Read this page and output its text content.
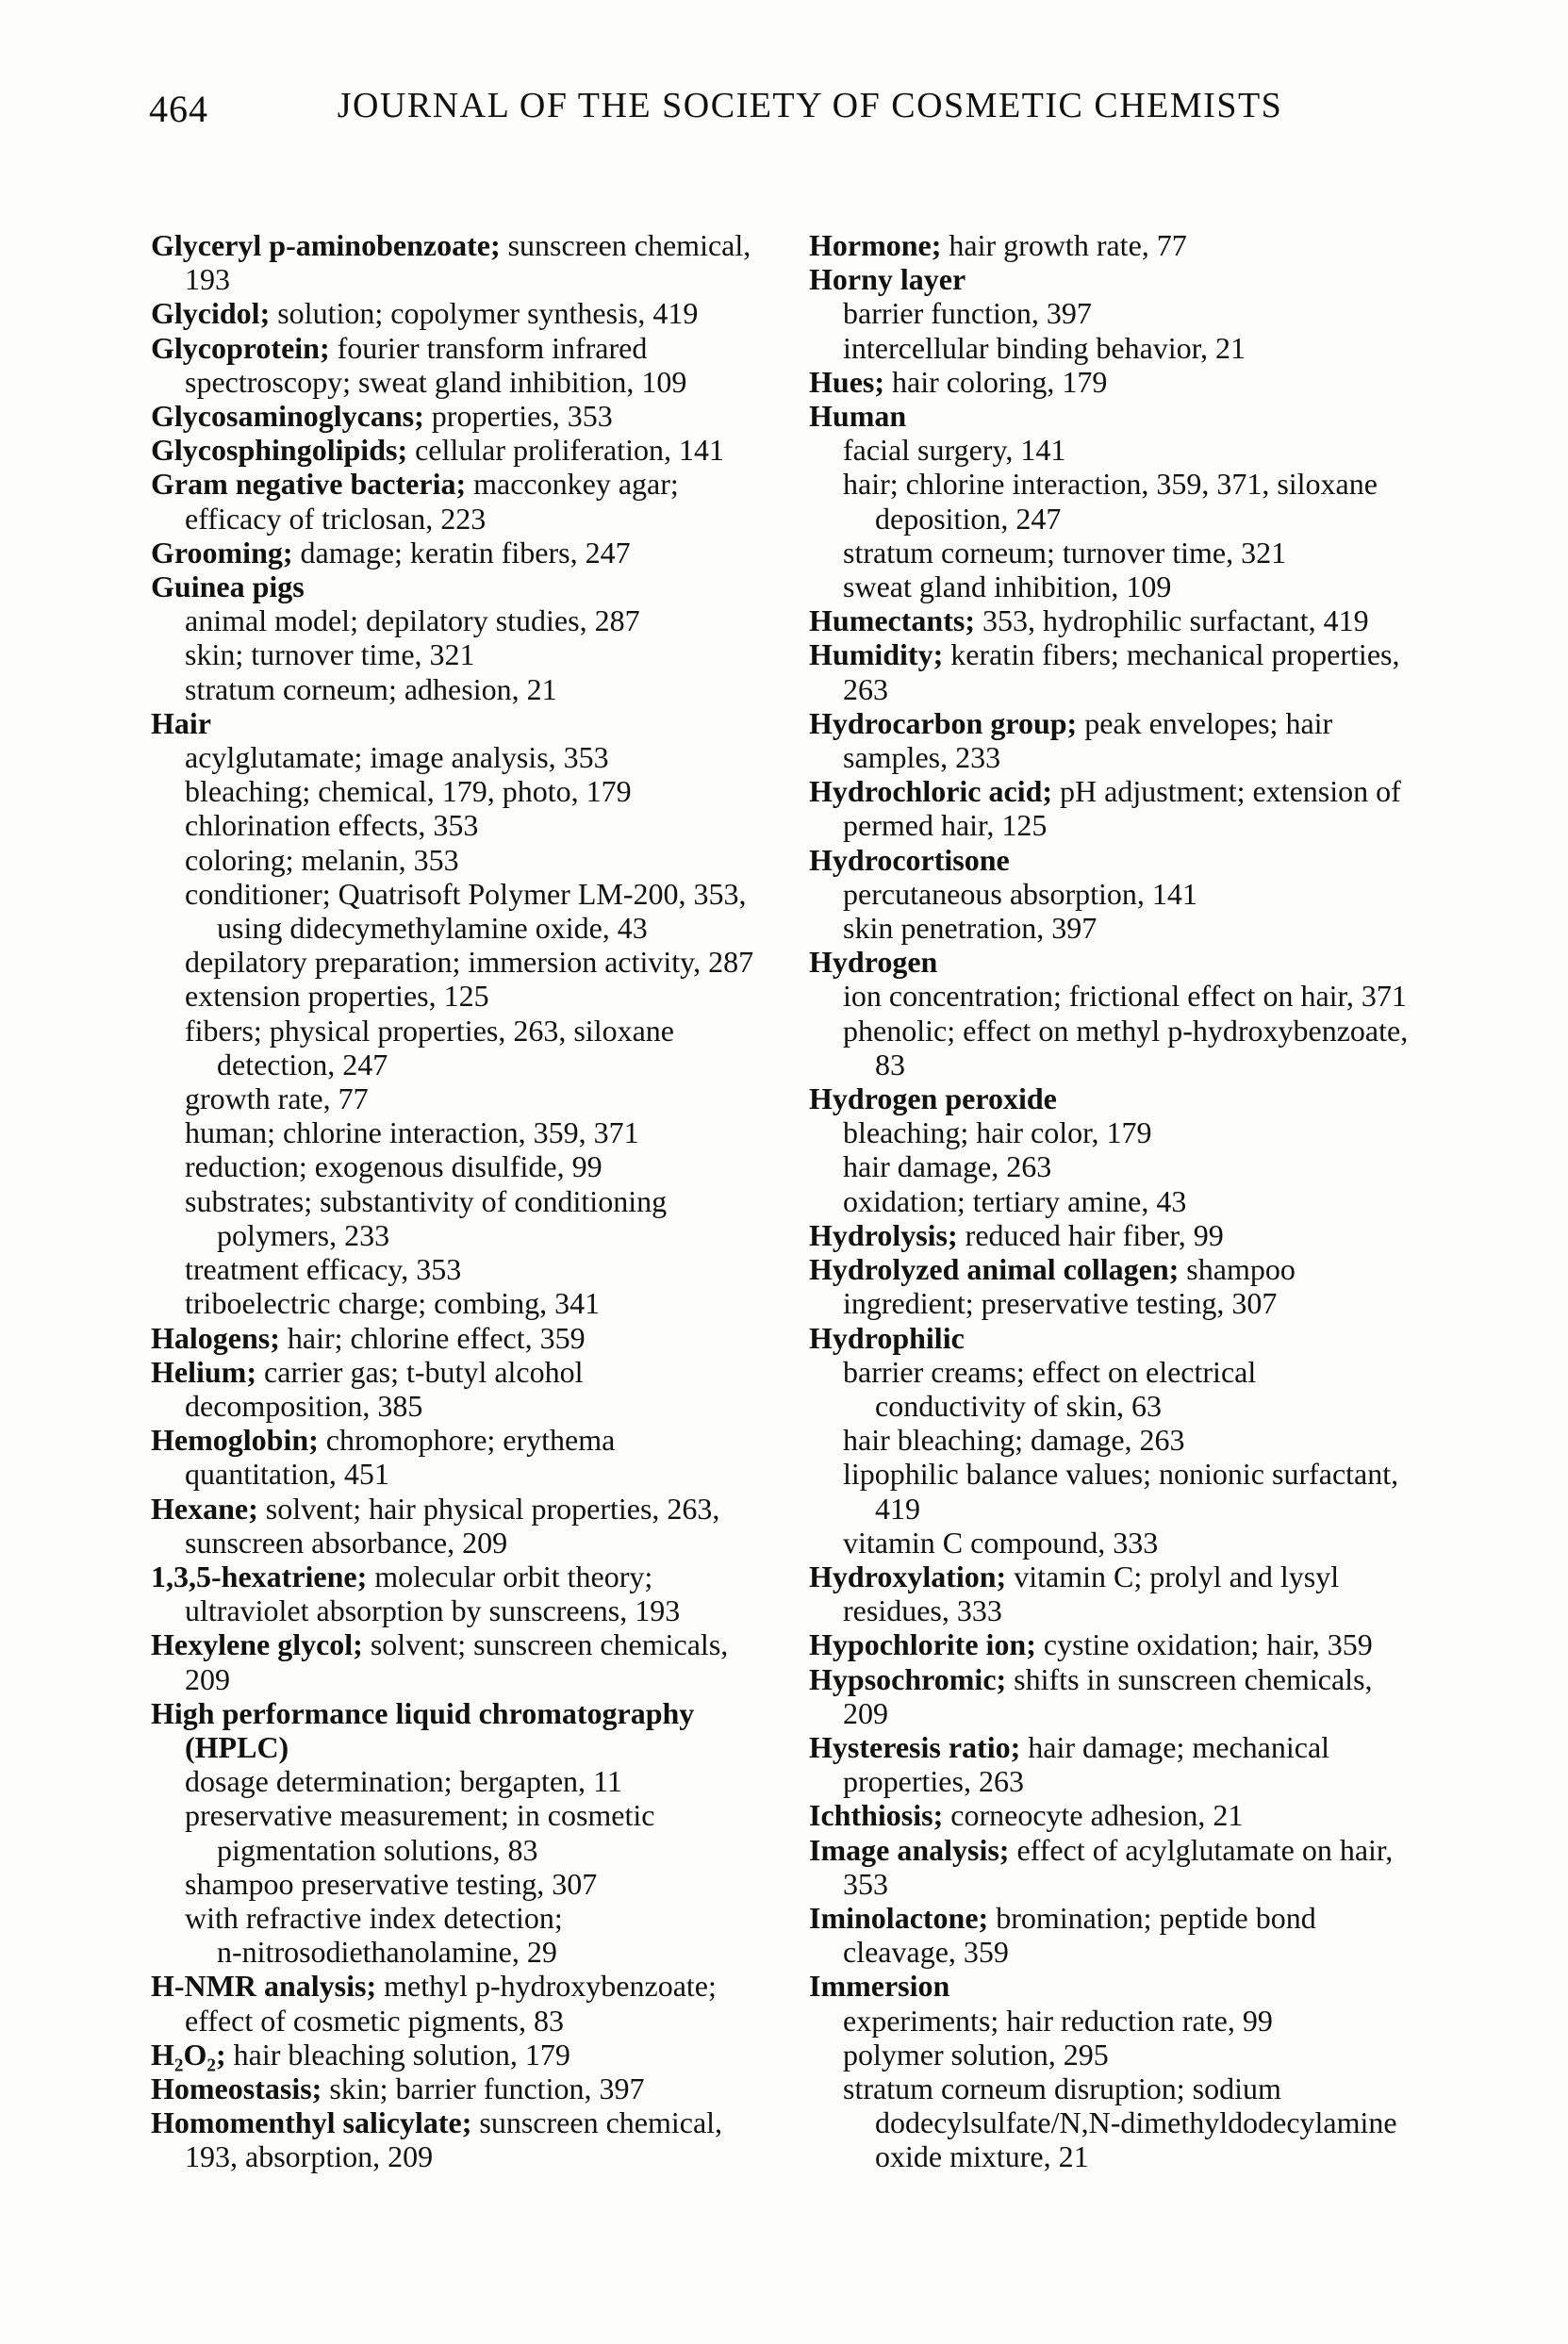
464	JOURNAL OF THE SOCIETY OF COSMETIC CHEMISTS
Glyceryl p-aminobenzoate; sunscreen chemical,
193
Glycidol; solution; copolymer synthesis, 419
Glycoprotein; fourier transform infrared
spectroscopy; sweat gland inhibition, 109
Glycosaminoglycans; properties, 353
Glycosphingolipids; cellular proliferation, 141
Gram negative bacteria; macconkey agar;
efficacy of triclosan, 223
Grooming; damage; keratin fibers, 247
Guinea pigs
animal model; depilatory studies, 287
skin; turnover time, 321
stratum corneum; adhesion, 21
Hair
acylglutamate; image analysis, 353
bleaching; chemical, 179, photo, 179
chlorination effects, 353
coloring; melanin, 353
conditioner; Quatrisoft Polymer LM-200, 353,
using didecymethylamine oxide, 43
depilatory preparation; immersion activity, 287
extension properties, 125
fibers; physical properties, 263, siloxane
detection, 247
growth rate, 77
human; chlorine interaction, 359, 371
reduction; exogenous disulfide, 99
substrates; substantivity of conditioning
polymers, 233
treatment efficacy, 353
triboelectric charge; combing, 341
Halogens; hair; chlorine effect, 359
Helium; carrier gas; t-butyl alcohol
decomposition, 385
Hemoglobin; chromophore; erythema
quantitation, 451
Hexane; solvent; hair physical properties, 263,
sunscreen absorbance, 209
1,3,5-hexatriene; molecular orbit theory;
ultraviolet absorption by sunscreens, 193
Hexylene glycol; solvent; sunscreen chemicals,
209
High performance liquid chromatography
(HPLC)
dosage determination; bergapten, 11
preservative measurement; in cosmetic
pigmentation solutions, 83
shampoo preservative testing, 307
with refractive index detection;
n-nitrosodiethanolamine, 29
H-NMR analysis; methyl p-hydroxybenzoate;
effect of cosmetic pigments, 83
H₂O₂; hair bleaching solution, 179
Homeostasis; skin; barrier function, 397
Homomenthyl salicylate; sunscreen chemical,
193, absorption, 209
Hormone; hair growth rate, 77
Horny layer
barrier function, 397
intercellular binding behavior, 21
Hues; hair coloring, 179
Human
facial surgery, 141
hair; chlorine interaction, 359, 371, siloxane
deposition, 247
stratum corneum; turnover time, 321
sweat gland inhibition, 109
Humectants; 353, hydrophilic surfactant, 419
Humidity; keratin fibers; mechanical properties,
263
Hydrocarbon group; peak envelopes; hair
samples, 233
Hydrochloric acid; pH adjustment; extension of
permed hair, 125
Hydrocortisone
percutaneous absorption, 141
skin penetration, 397
Hydrogen
ion concentration; frictional effect on hair, 371
phenolic; effect on methyl p-hydroxybenzoate,
83
Hydrogen peroxide
bleaching; hair color, 179
hair damage, 263
oxidation; tertiary amine, 43
Hydrolysis; reduced hair fiber, 99
Hydrolyzed animal collagen; shampoo
ingredient; preservative testing, 307
Hydrophilic
barrier creams; effect on electrical
conductivity of skin, 63
hair bleaching; damage, 263
lipophilic balance values; nonionic surfactant,
419
vitamin C compound, 333
Hydroxylation; vitamin C; prolyl and lysyl
residues, 333
Hypochlorite ion; cystine oxidation; hair, 359
Hypsochromic; shifts in sunscreen chemicals,
209
Hysteresis ratio; hair damage; mechanical
properties, 263
Ichthiosis; corneocyte adhesion, 21
Image analysis; effect of acylglutamate on hair,
353
Iminolactone; bromination; peptide bond
cleavage, 359
Immersion
experiments; hair reduction rate, 99
polymer solution, 295
stratum corneum disruption; sodium
dodecylsulfate/N,N-dimethyldodecylamine
oxide mixture, 21
